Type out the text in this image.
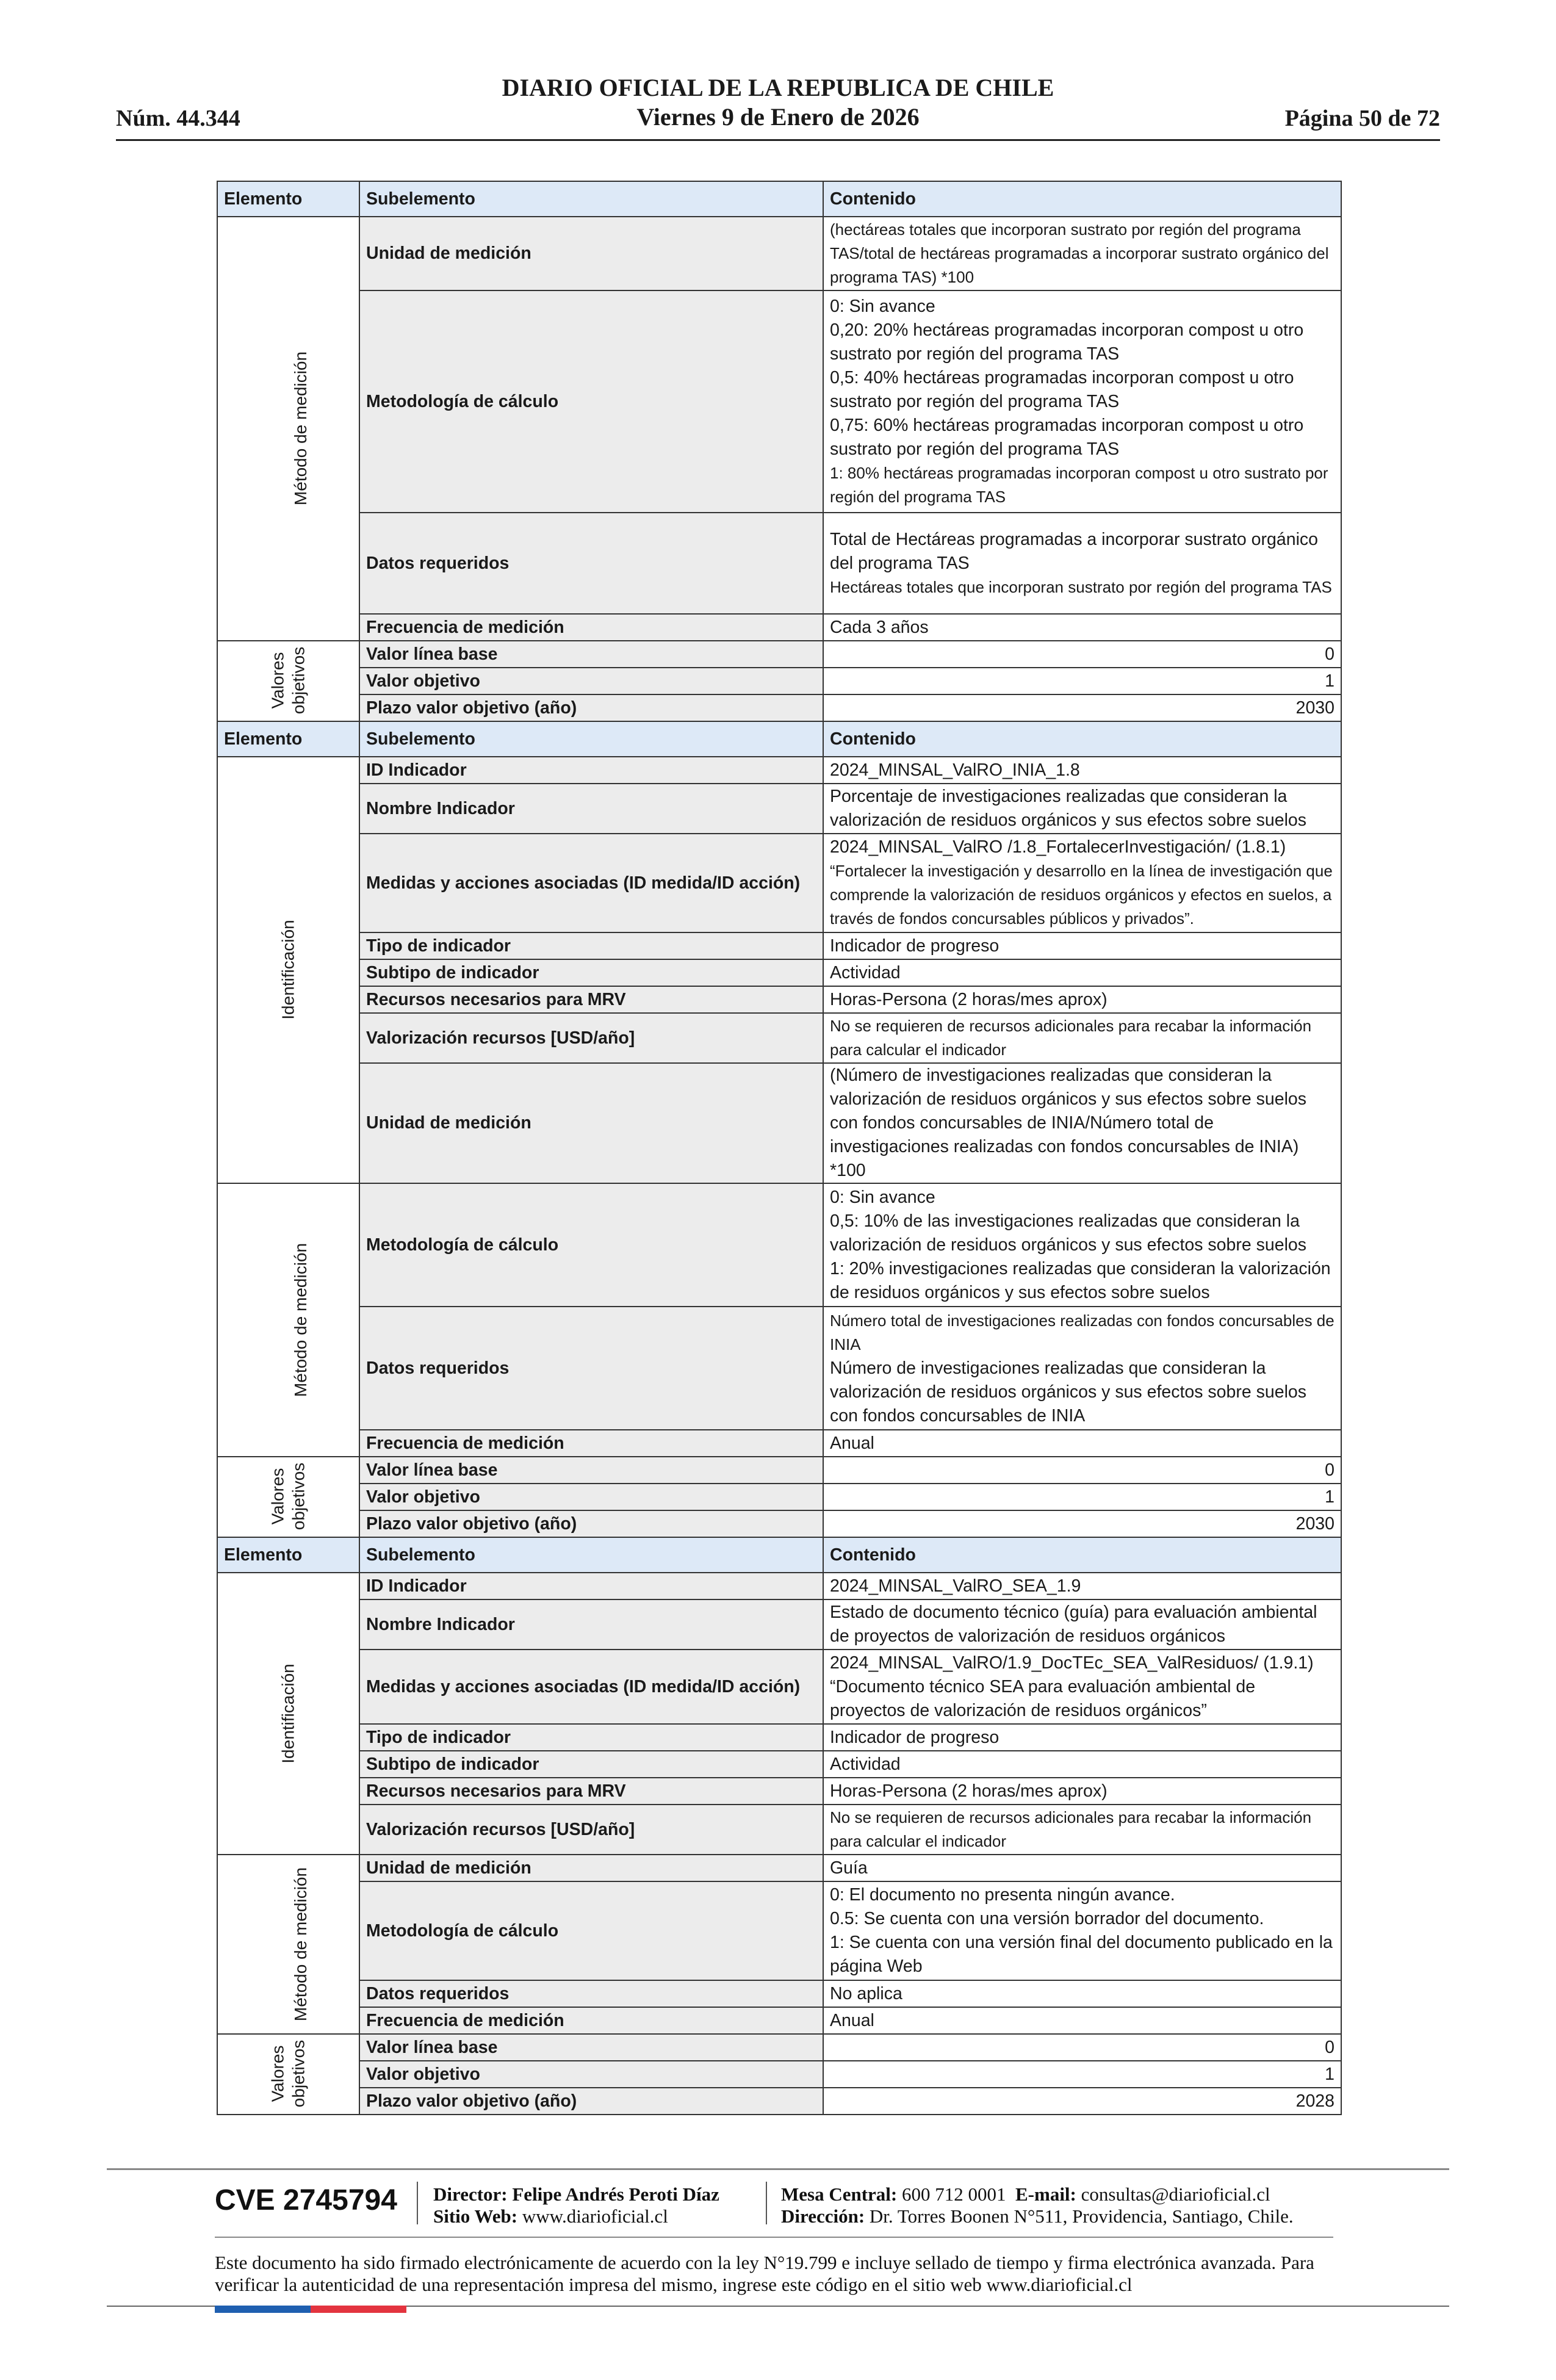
Núm. 44.344
DIARIO OFICIAL DE LA REPUBLICA DE CHILE
Viernes 9 de Enero de 2026	Página 50 de 72
Elemento	Subelemento	Contenido
Método de medición	Unidad de medición	(hectáreas totales que incorporan sustrato por región del programa TAS/total de hectáreas programadas a incorporar sustrato orgánico del programa TAS) *100
	Metodología de cálculo	0: Sin avance
0,20: 20% hectáreas programadas incorporan compost u otro sustrato por región del programa TAS
0,5: 40% hectáreas programadas incorporan compost u otro sustrato por región del programa TAS
0,75: 60% hectáreas programadas incorporan compost u otro sustrato por región del programa TAS
1: 80% hectáreas programadas incorporan compost u otro sustrato por región del programa TAS

	Datos requeridos	Total de Hectáreas programadas a incorporar sustrato orgánico del programa TAS
Hectáreas totales que incorporan sustrato por región del programa TAS

	Frecuencia de medición	Cada 3 años
Valores objetivos	Valor línea base	0
	Valor objetivo	1
	Plazo valor objetivo (año)	2030
Elemento	Subelemento	Contenido
Identificación	ID Indicador	2024_MINSAL_ValRO_INIA_1.8
	Nombre Indicador	Porcentaje de investigaciones realizadas que consideran la valorización de residuos orgánicos y sus efectos sobre suelos
	Medidas y acciones asociadas (ID medida/ID acción)	2024_MINSAL_ValRO /1.8_FortalecerInvestigación/ (1.8.1)
“Fortalecer la investigación y desarrollo en la línea de investigación que comprende la valorización de residuos orgánicos y efectos en suelos, a través de fondos concursables públicos y privados”.

	Tipo de indicador	Indicador de progreso
	Subtipo de indicador	Actividad
	Recursos necesarios para MRV	Horas-Persona (2 horas/mes aprox)
	Valorización recursos [USD/año]	No se requieren de recursos adicionales para recabar la información para calcular el indicador
	Unidad de medición	(Número de investigaciones realizadas que consideran la valorización de residuos orgánicos y sus efectos sobre suelos con fondos concursables de INIA/Número total de investigaciones realizadas con fondos concursables de INIA) *100
Método de medición	Metodología de cálculo	0: Sin avance
0,5: 10% de las investigaciones realizadas que consideran la valorización de residuos orgánicos y sus efectos sobre suelos
1: 20% investigaciones realizadas que consideran la valorización de residuos orgánicos y sus efectos sobre suelos

	Datos requeridos	Número total de investigaciones realizadas con fondos concursables de INIA
Número de investigaciones realizadas que consideran la valorización de residuos orgánicos y sus efectos sobre suelos con fondos concursables de INIA

	Frecuencia de medición	Anual
Valores objetivos	Valor línea base	0
	Valor objetivo	1
	Plazo valor objetivo (año)	2030
Elemento	Subelemento	Contenido
Identificación	ID Indicador	2024_MINSAL_ValRO_SEA_1.9
	Nombre Indicador	Estado de documento técnico (guía) para evaluación ambiental de proyectos de valorización de residuos orgánicos
	Medidas y acciones asociadas (ID medida/ID acción)	2024_MINSAL_ValRO/1.9_DocTEc_SEA_ValResiduos/ (1.9.1)
“Documento técnico SEA para evaluación ambiental de proyectos de valorización de residuos orgánicos”

	Tipo de indicador	Indicador de progreso
	Subtipo de indicador	Actividad
	Recursos necesarios para MRV	Horas-Persona (2 horas/mes aprox)
	Valorización recursos [USD/año]	No se requieren de recursos adicionales para recabar la información para calcular el indicador
Método de medición	Unidad de medición	Guía
	Metodología de cálculo	0: El documento no presenta ningún avance.
0.5: Se cuenta con una versión borrador del documento.
1: Se cuenta con una versión final del documento publicado en la página Web

	Datos requeridos	No aplica
	Frecuencia de medición	Anual
Valores objetivos	Valor línea base	0
	Valor objetivo	1
	Plazo valor objetivo (año)	2028
CVE 2745794 Director: Felipe Andrés Peroti Díaz
Sitio Web: www.diarioficial.cl
Mesa Central: 600 712 0001 E-mail: consultas@diarioficial.cl
Dirección: Dr. Torres Boonen N°511, Providencia, Santiago, Chile.
Este documento ha sido firmado electrónicamente de acuerdo con la ley N°19.799 e incluye sellado de tiempo y firma electrónica avanzada. Para verificar la autenticidad de una representación impresa del mismo, ingrese este código en el sitio web www.diarioficial.cl
